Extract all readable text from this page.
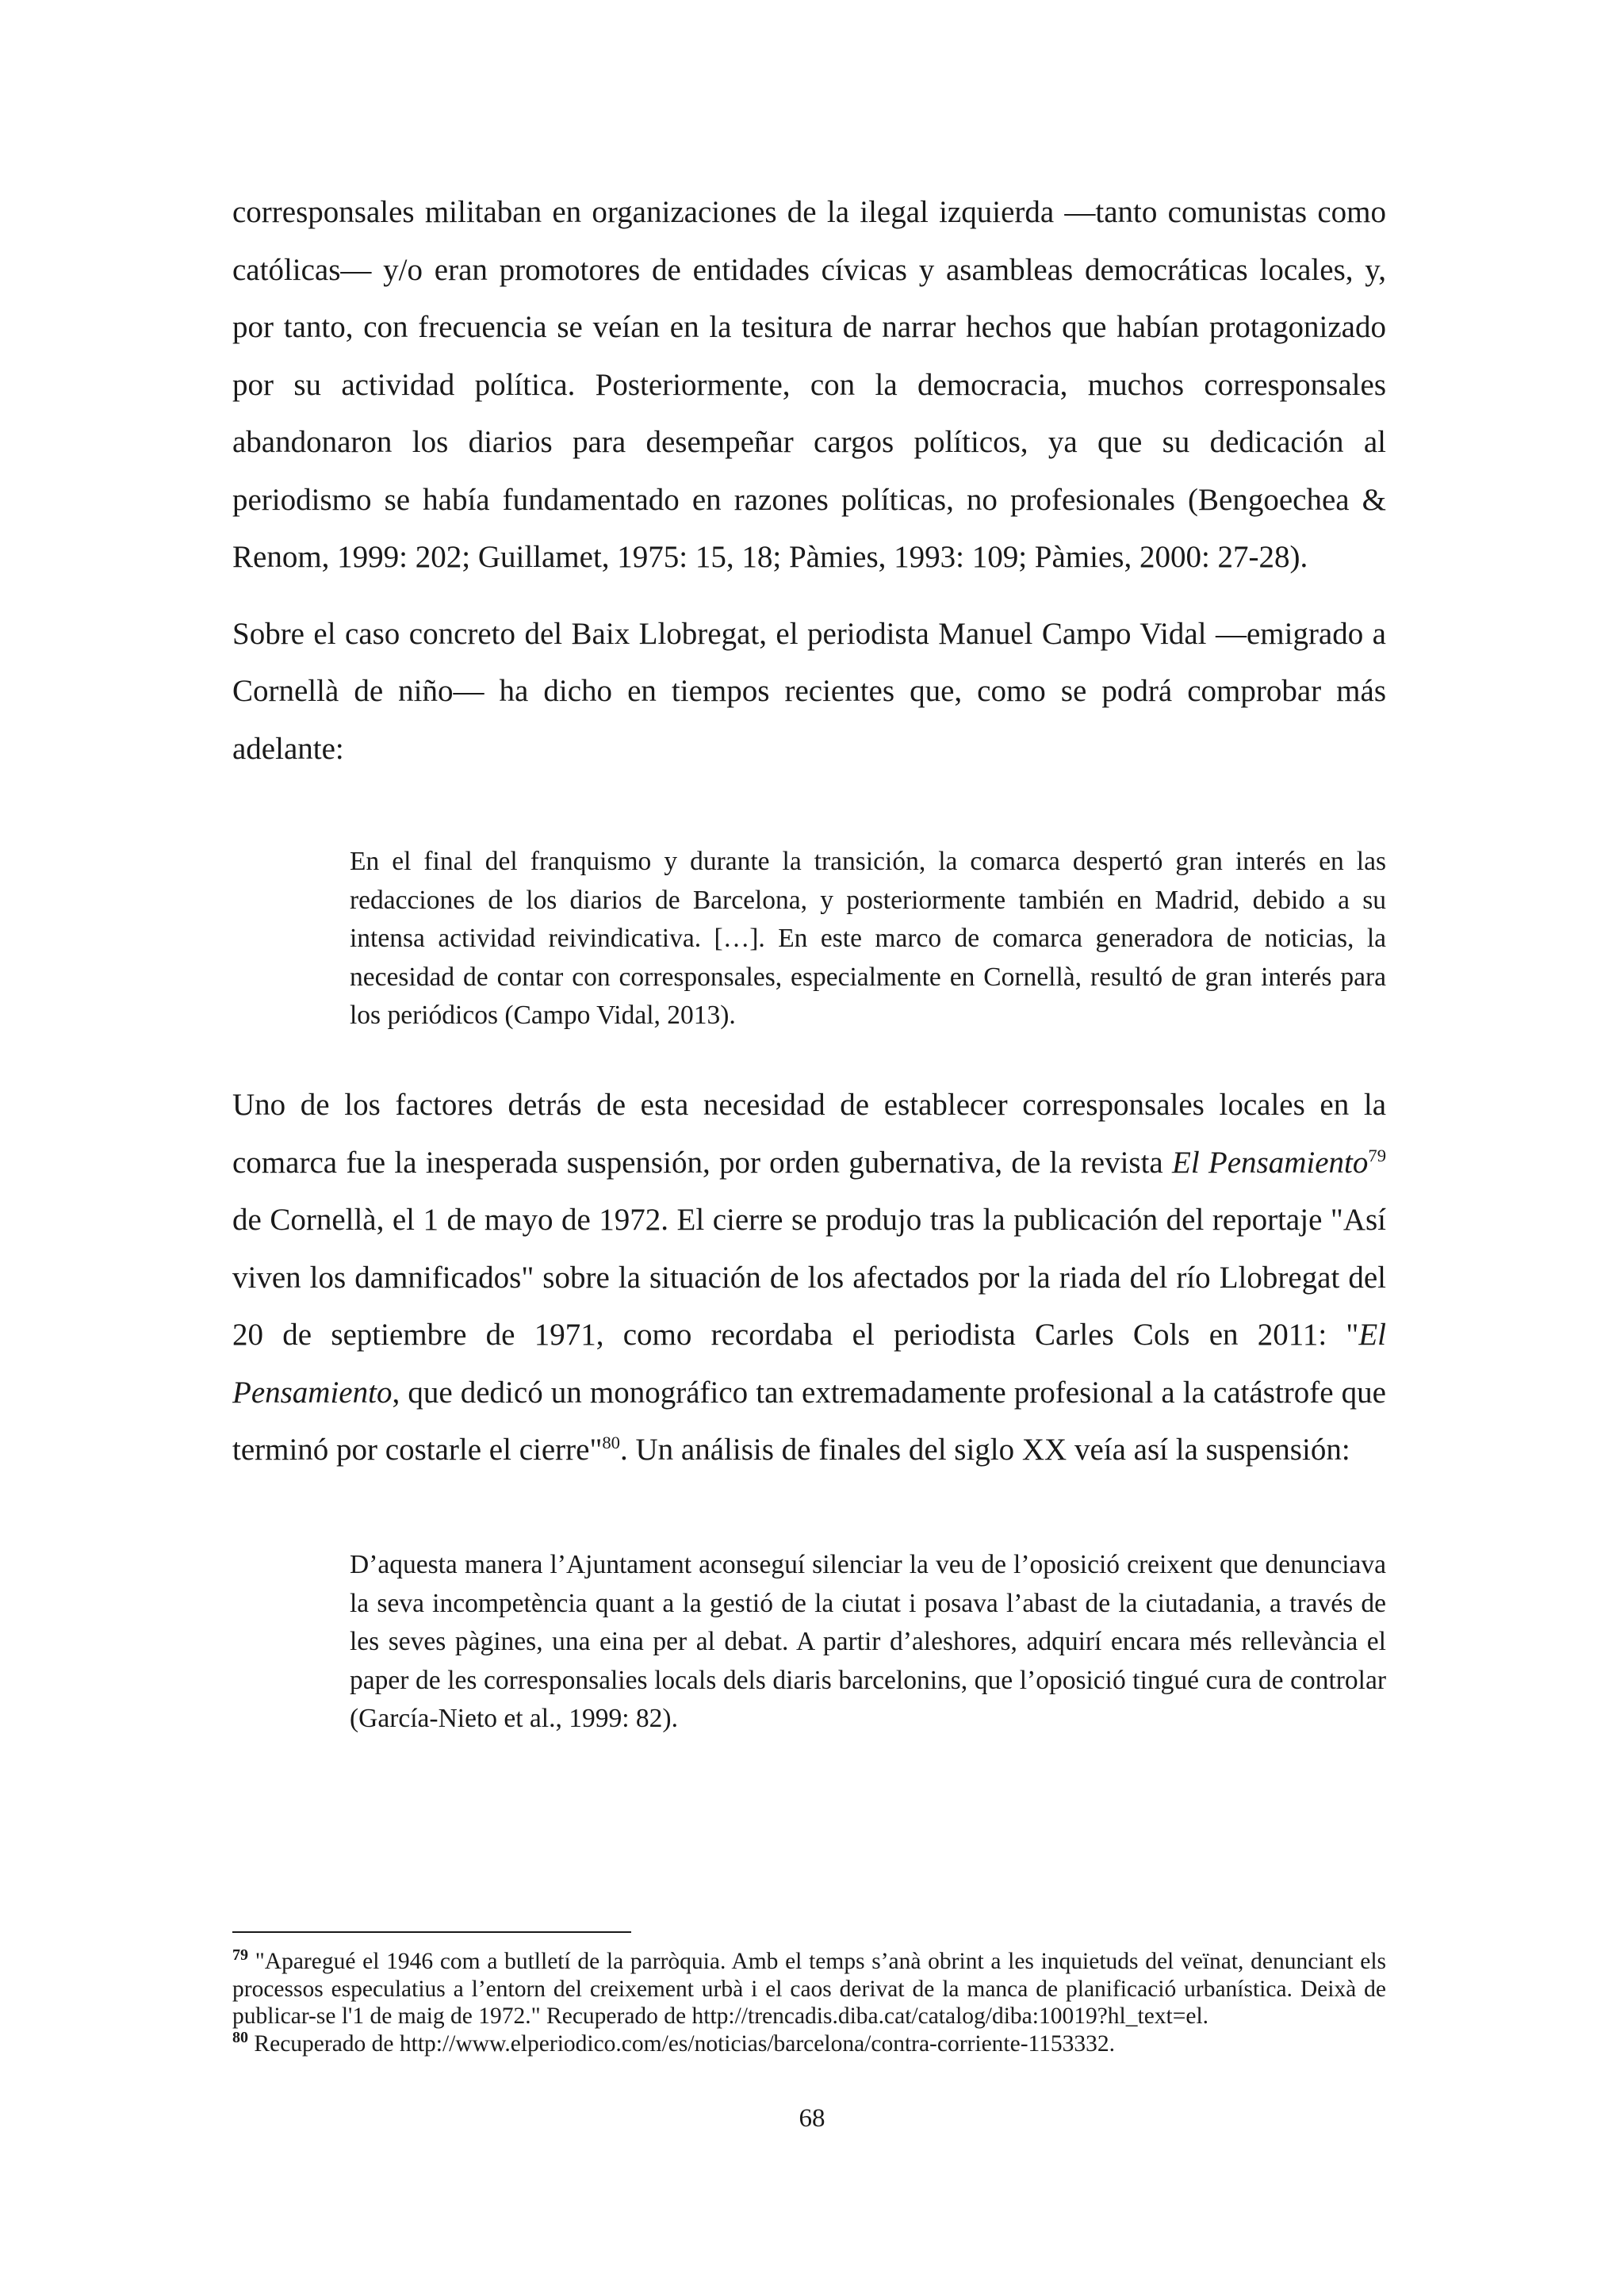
corresponsales militaban en organizaciones de la ilegal izquierda —tanto comunistas como católicas— y/o eran promotores de entidades cívicas y asambleas democráticas locales, y, por tanto, con frecuencia se veían en la tesitura de narrar hechos que habían protagonizado por su actividad política. Posteriormente, con la democracia, muchos corresponsales abandonaron los diarios para desempeñar cargos políticos, ya que su dedicación al periodismo se había fundamentado en razones políticas, no profesionales (Bengoechea & Renom, 1999: 202; Guillamet, 1975: 15, 18; Pàmies, 1993: 109; Pàmies, 2000: 27-28).

Sobre el caso concreto del Baix Llobregat, el periodista Manuel Campo Vidal —emigrado a Cornellà de niño— ha dicho en tiempos recientes que, como se podrá comprobar más adelante:

En el final del franquismo y durante la transición, la comarca despertó gran interés en las redacciones de los diarios de Barcelona, y posteriormente también en Madrid, debido a su intensa actividad reivindicativa. […]. En este marco de comarca generadora de noticias, la necesidad de contar con corresponsales, especialmente en Cornellà, resultó de gran interés para los periódicos (Campo Vidal, 2013).

Uno de los factores detrás de esta necesidad de establecer corresponsales locales en la comarca fue la inesperada suspensión, por orden gubernativa, de la revista El Pensamiento$^{79}$ de Cornellà, el 1 de mayo de 1972. El cierre se produjo tras la publicación del reportaje "Así viven los damnificados" sobre la situación de los afectados por la riada del río Llobregat del 20 de septiembre de 1971, como recordaba el periodista Carles Cols en 2011: "El Pensamiento, que dedicó un monográfico tan extremadamente profesional a la catástrofe que terminó por costarle el cierre"$^{80}$. Un análisis de finales del siglo XX veía así la suspensión:

D’aquesta manera l’Ajuntament aconseguí silenciar la veu de l’oposició creixent que denunciava la seva incompetència quant a la gestió de la ciutat i posava l’abast de la ciutadania, a través de les seves pàgines, una eina per al debat. A partir d’aleshores, adquirí encara més rellevància el paper de les corresponsalies locals dels diaris barcelonins, que l’oposició tingué cura de controlar (García-Nieto et al., 1999: 82).

$^{79}$ "Aparegué el 1946 com a butlletí de la parròquia. Amb el temps s’anà obrint a les inquietuds del veïnat, denunciant els processos especulatius a l’entorn del creixement urbà i el caos derivat de la manca de planificació urbanística. Deixà de publicar-se l'1 de maig de 1972." Recuperado de http://trencadis.diba.cat/catalog/diba:10019?hl_text=el.

$^{80}$ Recuperado de http://www.elperiodico.com/es/noticias/barcelona/contra-corriente-1153332.

68
